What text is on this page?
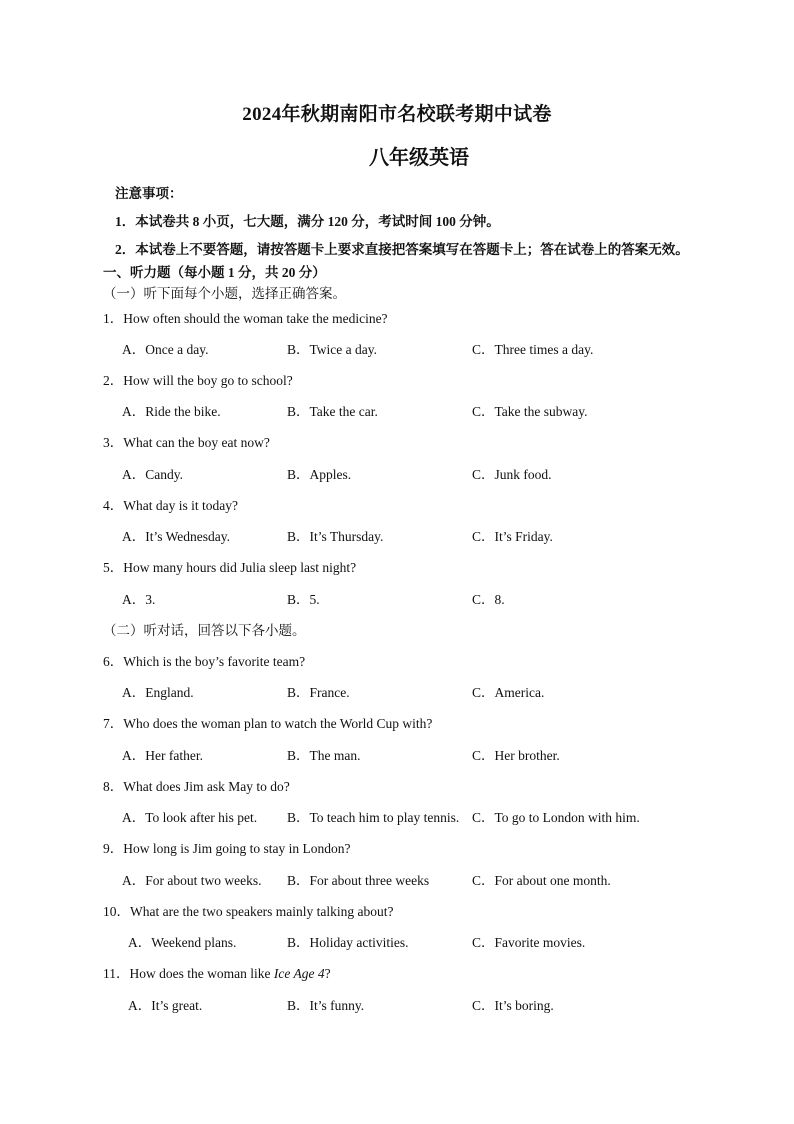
2024年秋期南阳市名校联考期中试卷
八年级英语
注意事项：
1．本试卷共 8 小页，七大题，满分 120 分，考试时间 100 分钟。
2．本试卷上不要答题，请按答题卡上要求直接把答案填写在答题卡上；答在试卷上的答案无效。
一、听力题（每小题 1 分，共 20 分）
（一）听下面每个小题，选择正确答案。
1．How often should the woman take the medicine?
A．Once a day.	B．Twice a day.	C．Three times a day.
2．How will the boy go to school?
A．Ride the bike.	B．Take the car.	C．Take the subway.
3．What can the boy eat now?
A．Candy.	B．Apples.	C．Junk food.
4．What day is it today?
A．It’s Wednesday.	B．It’s Thursday.	C．It’s Friday.
5．How many hours did Julia sleep last night?
A．3.	B．5.	C．8.
（二）听对话，回答以下各小题。
6．Which is the boy’s favorite team?
A．England.	B．France.	C．America.
7．Who does the woman plan to watch the World Cup with?
A．Her father.	B．The man.	C．Her brother.
8．What does Jim ask May to do?
A．To look after his pet. B．To teach him to play tennis. C．To go to London with him.
9．How long is Jim going to stay in London?
A．For about two weeks. B．For about three weeks	C．For about one month.
10．What are the two speakers mainly talking about?
A．Weekend plans.	B．Holiday activities.	C．Favorite movies.
11．How does the woman like Ice Age 4?
A．It’s great.	B．It’s funny.	C．It’s boring.
